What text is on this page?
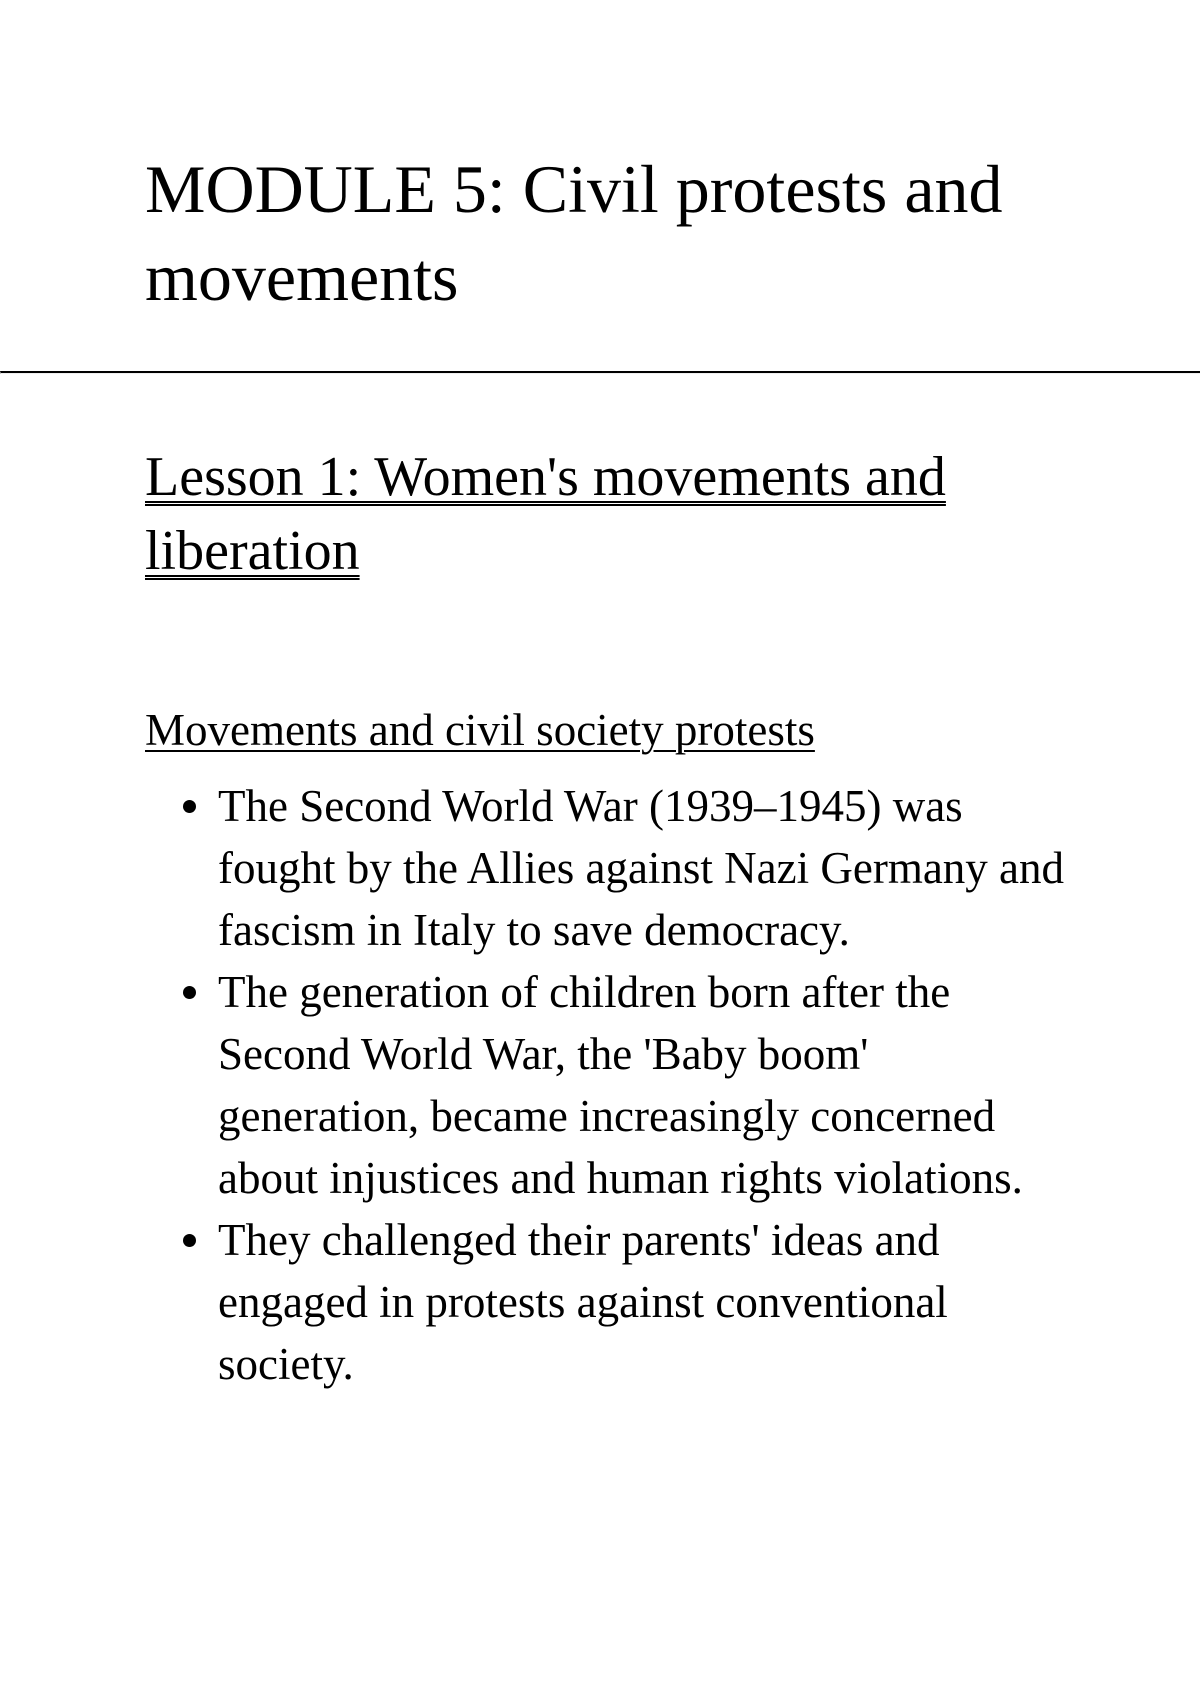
MODULE 5: Civil protests and movements
Lesson 1: Women's movements and liberation
Movements and civil society protests
The Second World War (1939–1945) was fought by the Allies against Nazi Germany and fascism in Italy to save democracy.
The generation of children born after the Second World War, the 'Baby boom' generation, became increasingly concerned about injustices and human rights violations.
They challenged their parents' ideas and engaged in protests against conventional society.
